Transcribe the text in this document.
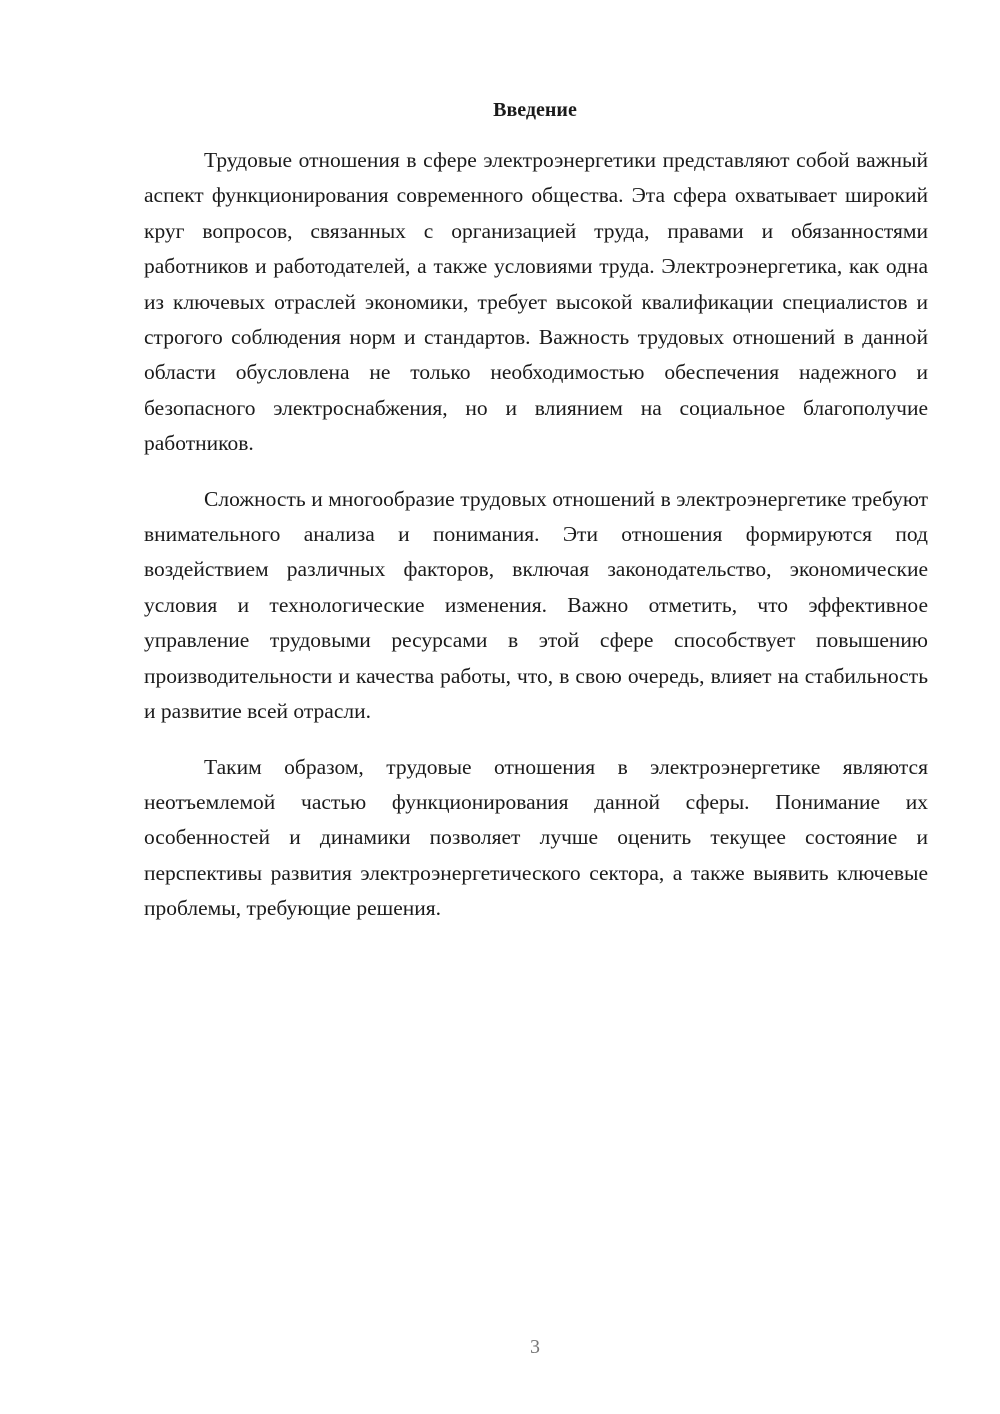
Введение

Трудовые отношения в сфере электроэнергетики представляют собой важный аспект функционирования современного общества. Эта сфера охватывает широкий круг вопросов, связанных с организацией труда, правами и обязанностями работников и работодателей, а также условиями труда. Электроэнергетика, как одна из ключевых отраслей экономики, требует высокой квалификации специалистов и строгого соблюдения норм и стандартов. Важность трудовых отношений в данной области обусловлена не только необходимостью обеспечения надежного и безопасного электроснабжения, но и влиянием на социальное благополучие работников.

Сложность и многообразие трудовых отношений в электроэнергетике требуют внимательного анализа и понимания. Эти отношения формируются под воздействием различных факторов, включая законодательство, экономические условия и технологические изменения. Важно отметить, что эффективное управление трудовыми ресурсами в этой сфере способствует повышению производительности и качества работы, что, в свою очередь, влияет на стабильность и развитие всей отрасли.

Таким образом, трудовые отношения в электроэнергетике являются неотъемлемой частью функционирования данной сферы. Понимание их особенностей и динамики позволяет лучше оценить текущее состояние и перспективы развития электроэнергетического сектора, а также выявить ключевые проблемы, требующие решения.

3
